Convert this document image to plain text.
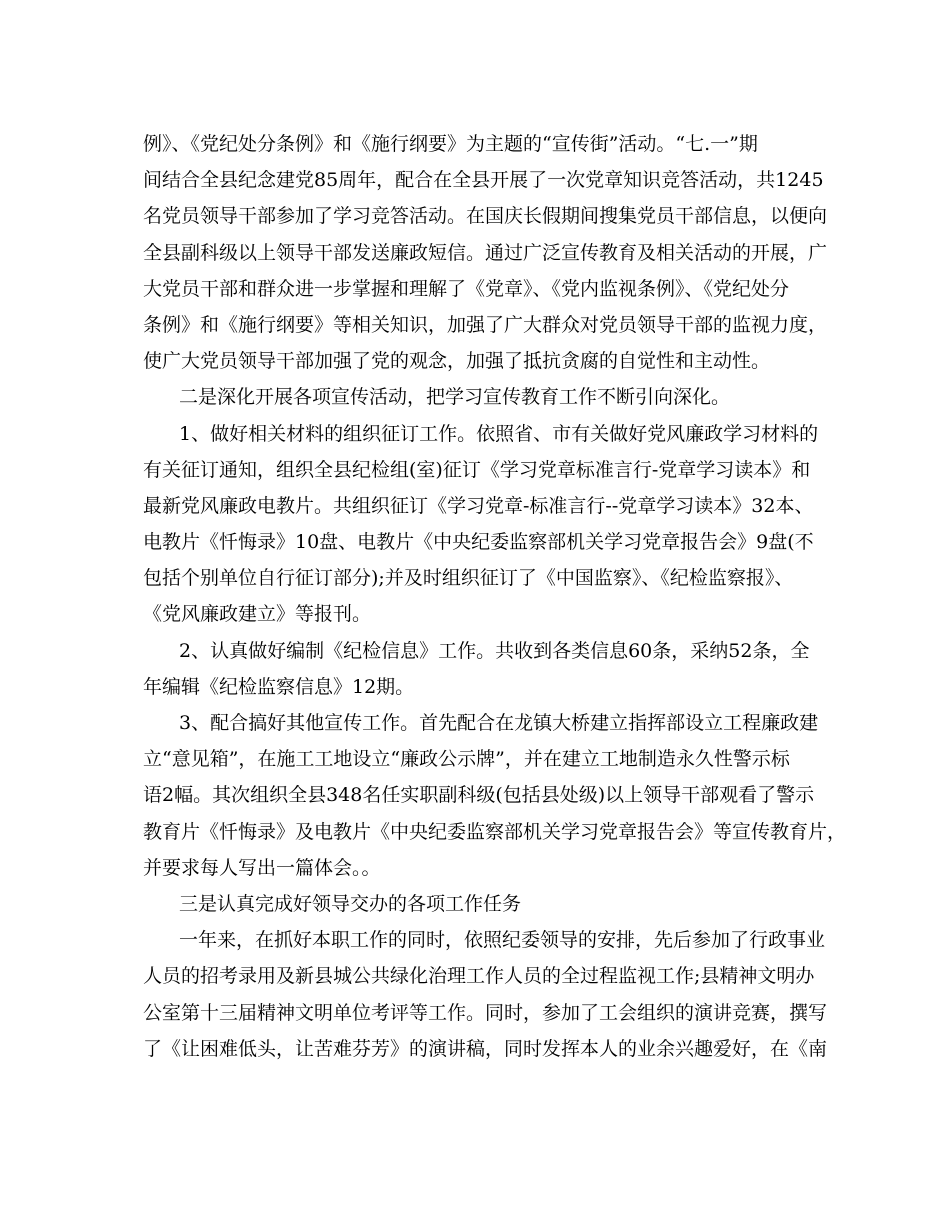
例》、《党纪处分条例》和《施行纲要》为主题的“宣传街”活动。“七.一”期
间结合全县纪念建党85周年，配合在全县开展了一次党章知识竞答活动，共1245
名党员领导干部参加了学习竞答活动。在国庆长假期间搜集党员干部信息，以便向
全县副科级以上领导干部发送廉政短信。通过广泛宣传教育及相关活动的开展，广
大党员干部和群众进一步掌握和理解了《党章》、《党内监视条例》、《党纪处分
条例》和《施行纲要》等相关知识，加强了广大群众对党员领导干部的监视力度，
使广大党员领导干部加强了党的观念，加强了抵抗贪腐的自觉性和主动性。
二是深化开展各项宣传活动，把学习宣传教育工作不断引向深化。
1、做好相关材料的组织征订工作。依照省、市有关做好党风廉政学习材料的
有关征订通知，组织全县纪检组(室)征订《学习党章标准言行-党章学习读本》和
最新党风廉政电教片。共组织征订《学习党章-标准言行--党章学习读本》32本、
电教片《忏悔录》10盘、电教片《中央纪委监察部机关学习党章报告会》9盘(不
包括个别单位自行征订部分);并及时组织征订了《中国监察》、《纪检监察报》、
《党风廉政建立》等报刊。
2、认真做好编制《纪检信息》工作。共收到各类信息60条，采纳52条，全
年编辑《纪检监察信息》12期。
3、配合搞好其他宣传工作。首先配合在龙镇大桥建立指挥部设立工程廉政建
立“意见箱”，在施工工地设立“廉政公示牌”，并在建立工地制造永久性警示标
语2幅。其次组织全县348名任实职副科级(包括县处级)以上领导干部观看了警示
教育片《忏悔录》及电教片《中央纪委监察部机关学习党章报告会》等宣传教育片，
并要求每人写出一篇体会。。
三是认真完成好领导交办的各项工作任务
一年来，在抓好本职工作的同时，依照纪委领导的安排，先后参加了行政事业
人员的招考录用及新县城公共绿化治理工作人员的全过程监视工作;县精神文明办
公室第十三届精神文明单位考评等工作。同时，参加了工会组织的演讲竞赛，撰写
了《让困难低头，让苦难芬芳》的演讲稿，同时发挥本人的业余兴趣爱好，在《南
